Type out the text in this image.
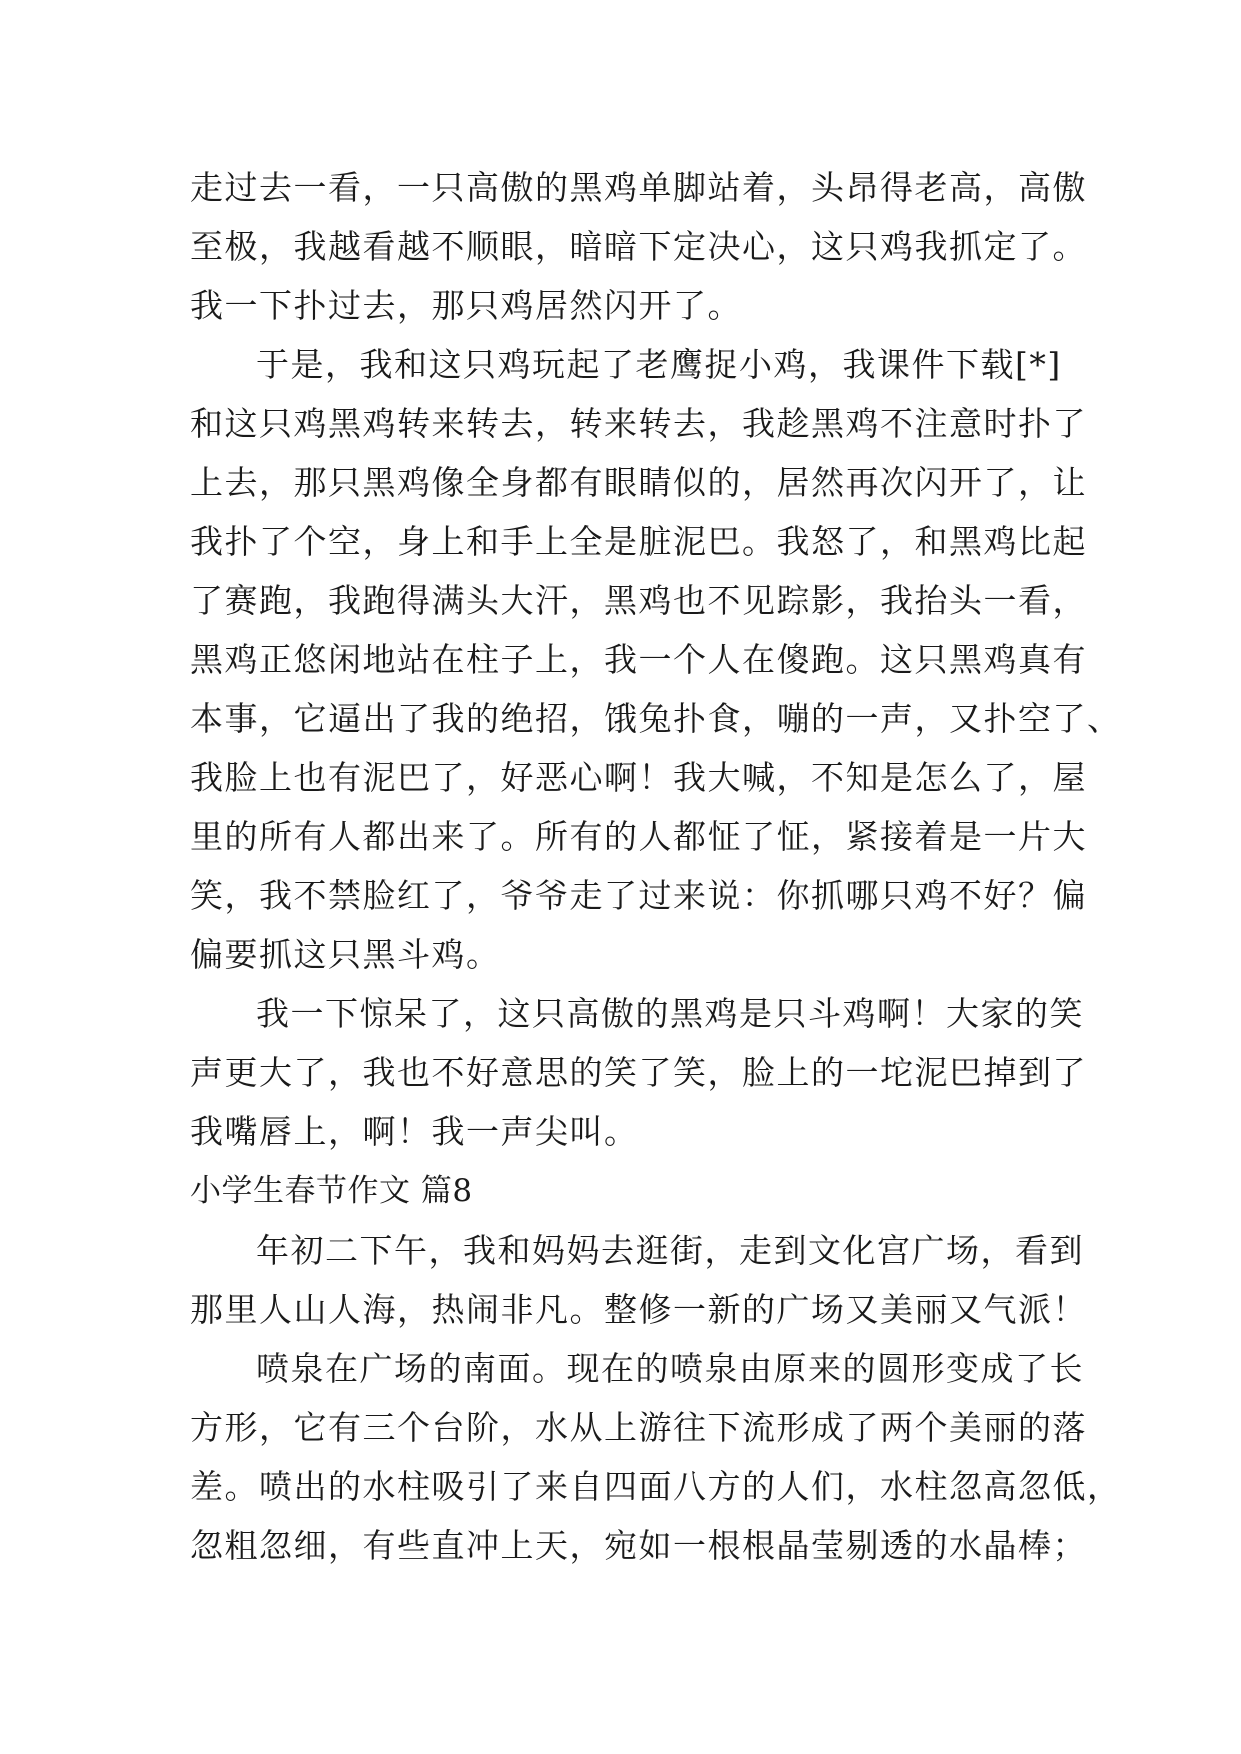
走过去一看，一只高傲的黑鸡单脚站着，头昂得老高，高傲
至极，我越看越不顺眼，暗暗下定决心，这只鸡我抓定了。
我一下扑过去，那只鸡居然闪开了。
于是，我和这只鸡玩起了老鹰捉小鸡，我课件下载[*]
和这只鸡黑鸡转来转去，转来转去，我趁黑鸡不注意时扑了
上去，那只黑鸡像全身都有眼睛似的，居然再次闪开了，让
我扑了个空，身上和手上全是脏泥巴。我怒了，和黑鸡比起
了赛跑，我跑得满头大汗，黑鸡也不见踪影，我抬头一看，
黑鸡正悠闲地站在柱子上，我一个人在傻跑。这只黑鸡真有
本事，它逼出了我的绝招，饿兔扑食，嘣的一声，又扑空了、
我脸上也有泥巴了，好恶心啊！我大喊，不知是怎么了，屋
里的所有人都出来了。所有的人都怔了怔，紧接着是一片大
笑，我不禁脸红了，爷爷走了过来说：你抓哪只鸡不好？偏
偏要抓这只黑斗鸡。
我一下惊呆了，这只高傲的黑鸡是只斗鸡啊！大家的笑
声更大了，我也不好意思的笑了笑，脸上的一坨泥巴掉到了
我嘴唇上，啊！我一声尖叫。
小学生春节作文 篇8
年初二下午，我和妈妈去逛街，走到文化宫广场，看到
那里人山人海，热闹非凡。整修一新的广场又美丽又气派！
喷泉在广场的南面。现在的喷泉由原来的圆形变成了长
方形，它有三个台阶，水从上游往下流形成了两个美丽的落
差。喷出的水柱吸引了来自四面八方的人们，水柱忽高忽低，
忽粗忽细，有些直冲上天，宛如一根根晶莹剔透的水晶棒；
